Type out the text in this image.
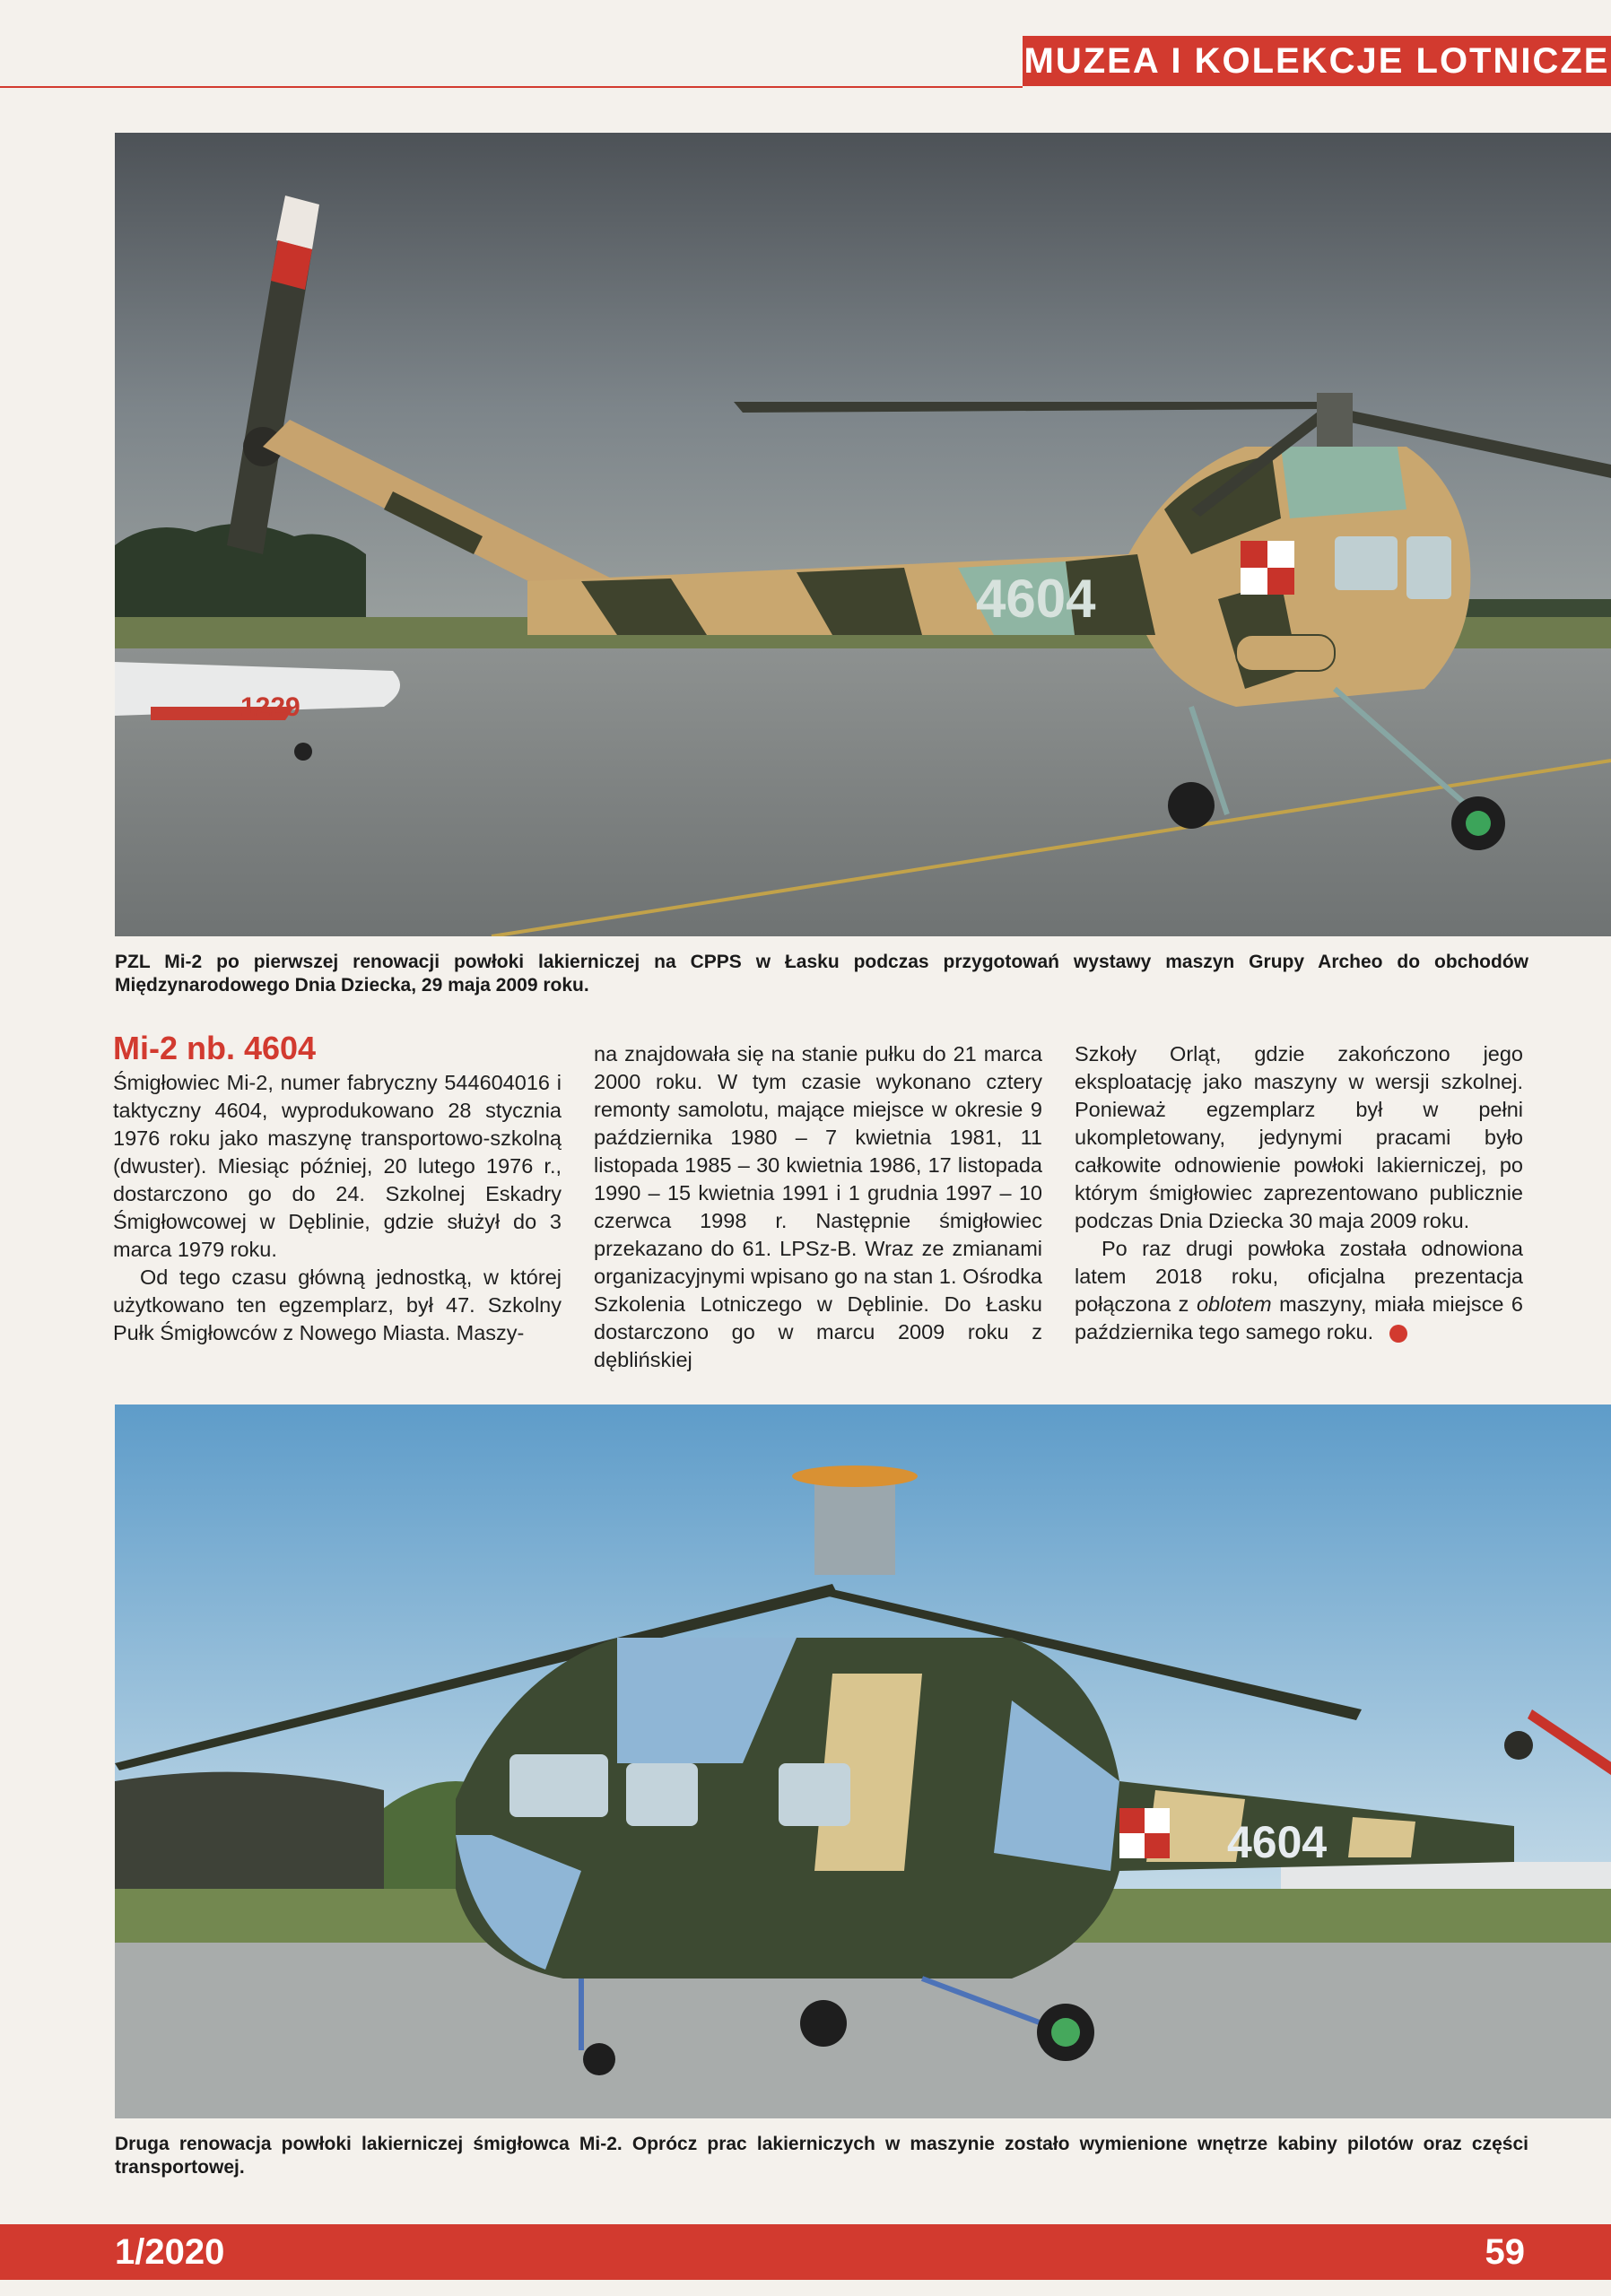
MUZEA I KOLEKCJE LOTNICZE
1229
4604
PZL Mi-2 po pierwszej renowacji powłoki lakierniczej na CPPS w Łasku podczas przygotowań wystawy maszyn Grupy Archeo do obchodów Międzynarodowego Dnia Dziecka, 29 maja 2009 roku.
Mi-2 nb. 4604

Śmigłowiec Mi-2, numer fabryczny 544604016 i taktyczny 4604, wyprodukowano 28 stycznia 1976 roku jako maszynę transportowo-szkolną (dwuster). Miesiąc później, 20 lutego 1976 r., dostarczono go do 24. Szkolnej Eskadry Śmigłowcowej w Dęblinie, gdzie służył do 3 marca 1979 roku.

Od tego czasu główną jednostką, w której użytkowano ten egzemplarz, był 47. Szkolny Pułk Śmigłowców z Nowego Miasta. Maszy-

na znajdowała się na stanie pułku do 21 marca 2000 roku. W tym czasie wykonano cztery remonty samolotu, mające miejsce w okresie 9 października 1980 – 7 kwietnia 1981, 11 listopada 1985 – 30 kwietnia 1986, 17 listopada 1990 – 15 kwietnia 1991 i 1 grudnia 1997 – 10 czerwca 1998 r. Następnie śmigłowiec przekazano do 61. LPSz-B. Wraz ze zmianami organizacyjnymi wpisano go na stan 1. Ośrodka Szkolenia Lotniczego w Dęblinie. Do Łasku dostarczono go w marcu 2009 roku z dęblińskiej

Szkoły Orląt, gdzie zakończono jego eksploatację jako maszyny w wersji szkolnej. Ponieważ egzemplarz był w pełni ukompletowany, jedynymi pracami było całkowite odnowienie powłoki lakierniczej, po którym śmigłowiec zaprezentowano publicznie podczas Dnia Dziecka 30 maja 2009 roku.

Po raz drugi powłoka została odnowiona latem 2018 roku, oficjalna prezentacja połączona z oblotem maszyny, miała miejsce 6 października tego samego roku.

4604
Druga renowacja powłoki lakierniczej śmigłowca Mi-2. Oprócz prac lakierniczych w maszynie zostało wymienione wnętrze kabiny pilotów oraz części transportowej.
1/2020	59
